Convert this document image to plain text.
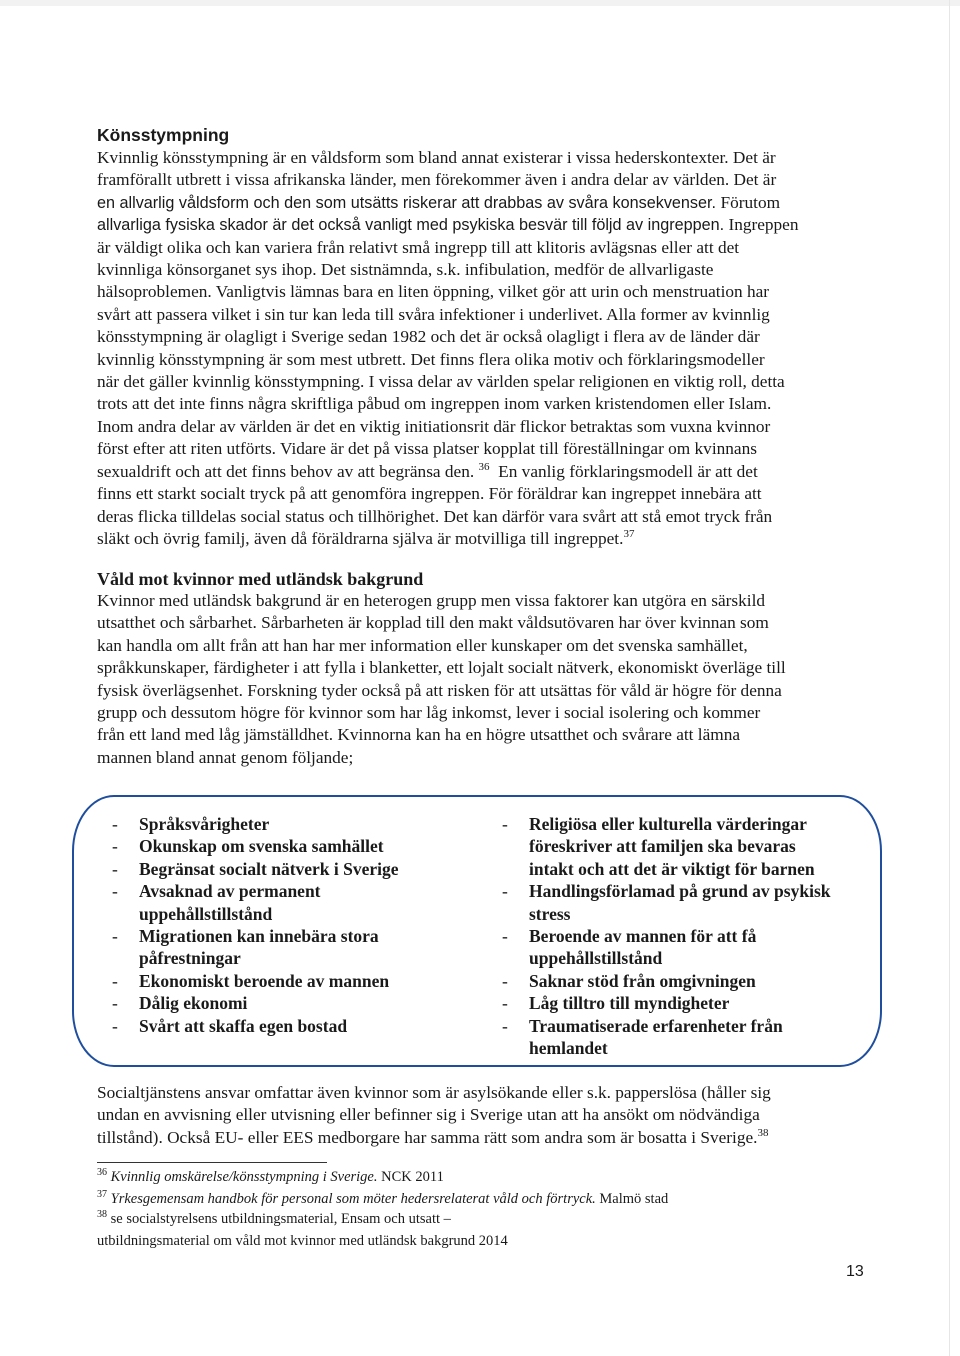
Könsstympning
Kvinnlig könsstympning är en våldsform som bland annat existerar i vissa hederskontexter. Det är
framförallt utbrett i vissa afrikanska länder, men förekommer även i andra delar av världen. Det är
en allvarlig våldsform och den som utsätts riskerar att drabbas av svåra konsekvenser. Förutom
allvarliga fysiska skador är det också vanligt med psykiska besvär till följd av ingreppen. Ingreppen
är väldigt olika och kan variera från relativt små ingrepp till att klitoris avlägsnas eller att det
kvinnliga könsorganet sys ihop. Det sistnämnda, s.k. infibulation, medför de allvarligaste
hälsoproblemen. Vanligtvis lämnas bara en liten öppning, vilket gör att urin och menstruation har
svårt att passera vilket i sin tur kan leda till svåra infektioner i underlivet. Alla former av kvinnlig
könsstympning är olagligt i Sverige sedan 1982 och det är också olagligt i flera av de länder där
kvinnlig könsstympning är som mest utbrett. Det finns flera olika motiv och förklaringsmodeller
när det gäller kvinnlig könsstympning. I vissa delar av världen spelar religionen en viktig roll, detta
trots att det inte finns några skriftliga påbud om ingreppen inom varken kristendomen eller Islam.
Inom andra delar av världen är det en viktig initiationsrit där flickor betraktas som vuxna kvinnor
först efter att riten utförts. Vidare är det på vissa platser kopplat till föreställningar om kvinnans
sexualdrift och att det finns behov av att begränsa den. $^{36}$ En vanlig förklaringsmodell är att det
finns ett starkt socialt tryck på att genomföra ingreppen. För föräldrar kan ingreppet innebära att
deras flicka tilldelas social status och tillhörighet. Det kan därför vara svårt att stå emot tryck från
släkt och övrig familj, även då föräldrarna själva är motvilliga till ingreppet.$^{37}$
Våld mot kvinnor med utländsk bakgrund
Kvinnor med utländsk bakgrund är en heterogen grupp men vissa faktorer kan utgöra en särskild
utsatthet och sårbarhet. Sårbarheten är kopplad till den makt våldsutövaren har över kvinnan som
kan handla om allt från att han har mer information eller kunskaper om det svenska samhället,
språkkunskaper, färdigheter i att fylla i blanketter, ett lojalt socialt nätverk, ekonomiskt överläge till
fysisk överlägsenhet. Forskning tyder också på att risken för att utsättas för våld är högre för denna
grupp och dessutom högre för kvinnor som har låg inkomst, lever i social isolering och kommer
från ett land med låg jämställdhet. Kvinnorna kan ha en högre utsatthet och svårare att lämna
mannen bland annat genom följande;
- Språksvårigheter
- Okunskap om svenska samhället
- Begränsat socialt nätverk i Sverige
- Avsaknad av permanent
uppehållstillstånd
- Migrationen kan innebära stora
påfrestningar
- Ekonomiskt beroende av mannen
- Dålig ekonomi
- Svårt att skaffa egen bostad
- Religiösa eller kulturella värderingar
föreskriver att familjen ska bevaras
intakt och att det är viktigt för barnen
- Handlingsförlamad på grund av psykisk
stress
- Beroende av mannen för att få
uppehållstillstånd
- Saknar stöd från omgivningen
- Låg tilltro till myndigheter
- Traumatiserade erfarenheter från
hemlandet
Socialtjänstens ansvar omfattar även kvinnor som är asylsökande eller s.k. papperslösa (håller sig
undan en avvisning eller utvisning eller befinner sig i Sverige utan att ha ansökt om nödvändiga
tillstånd). Också EU- eller EES medborgare har samma rätt som andra som är bosatta i Sverige.$^{38}$
$^{36}$ Kvinnlig omskärelse/könsstympning i Sverige. NCK 2011
$^{37}$ Yrkesgemensam handbok för personal som möter hedersrelaterat våld och förtryck. Malmö stad
$^{38}$ se socialstyrelsens utbildningsmaterial, Ensam och utsatt –
utbildningsmaterial om våld mot kvinnor med utländsk bakgrund 2014
13
